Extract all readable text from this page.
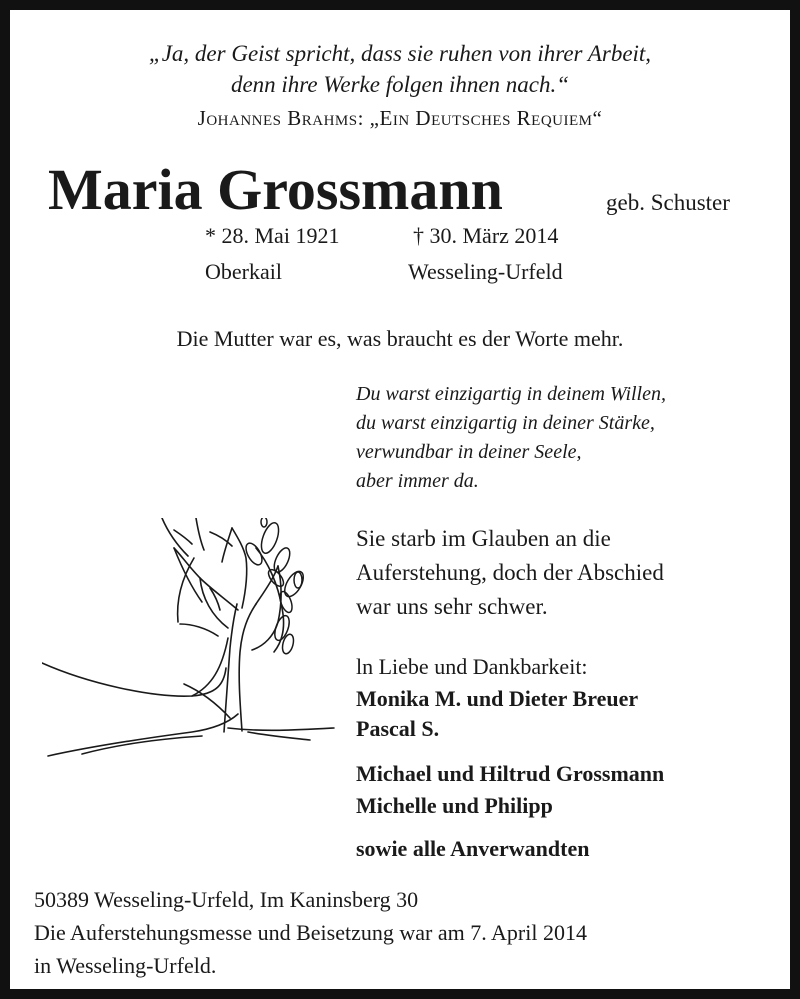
„Ja, der Geist spricht, dass sie ruhen von ihrer Arbeit,
denn ihre Werke folgen ihnen nach.“
Johannes Brahms: „Ein Deutsches Requiem“
Maria Grossmann	geb. Schuster
* 28. Mai 1921	† 30. März 2014
Oberkail	Wesseling-Urfeld
Die Mutter war es, was braucht es der Worte mehr.
Du warst einzigartig in deinem Willen,
du warst einzigartig in deiner Stärke,
verwundbar in deiner Seele,
aber immer da.
Sie starb im Glauben an die
Auferstehung, doch der Abschied
war uns sehr schwer.
ln Liebe und Dankbarkeit:
Monika M. und Dieter Breuer
Pascal S.
Michael und Hiltrud Grossmann
Michelle und Philipp
sowie alle Anverwandten
50389 Wesseling-Urfeld, Im Kaninsberg 30
Die Auferstehungsmesse und Beisetzung war am 7. April 2014
in Wesseling-Urfeld.
